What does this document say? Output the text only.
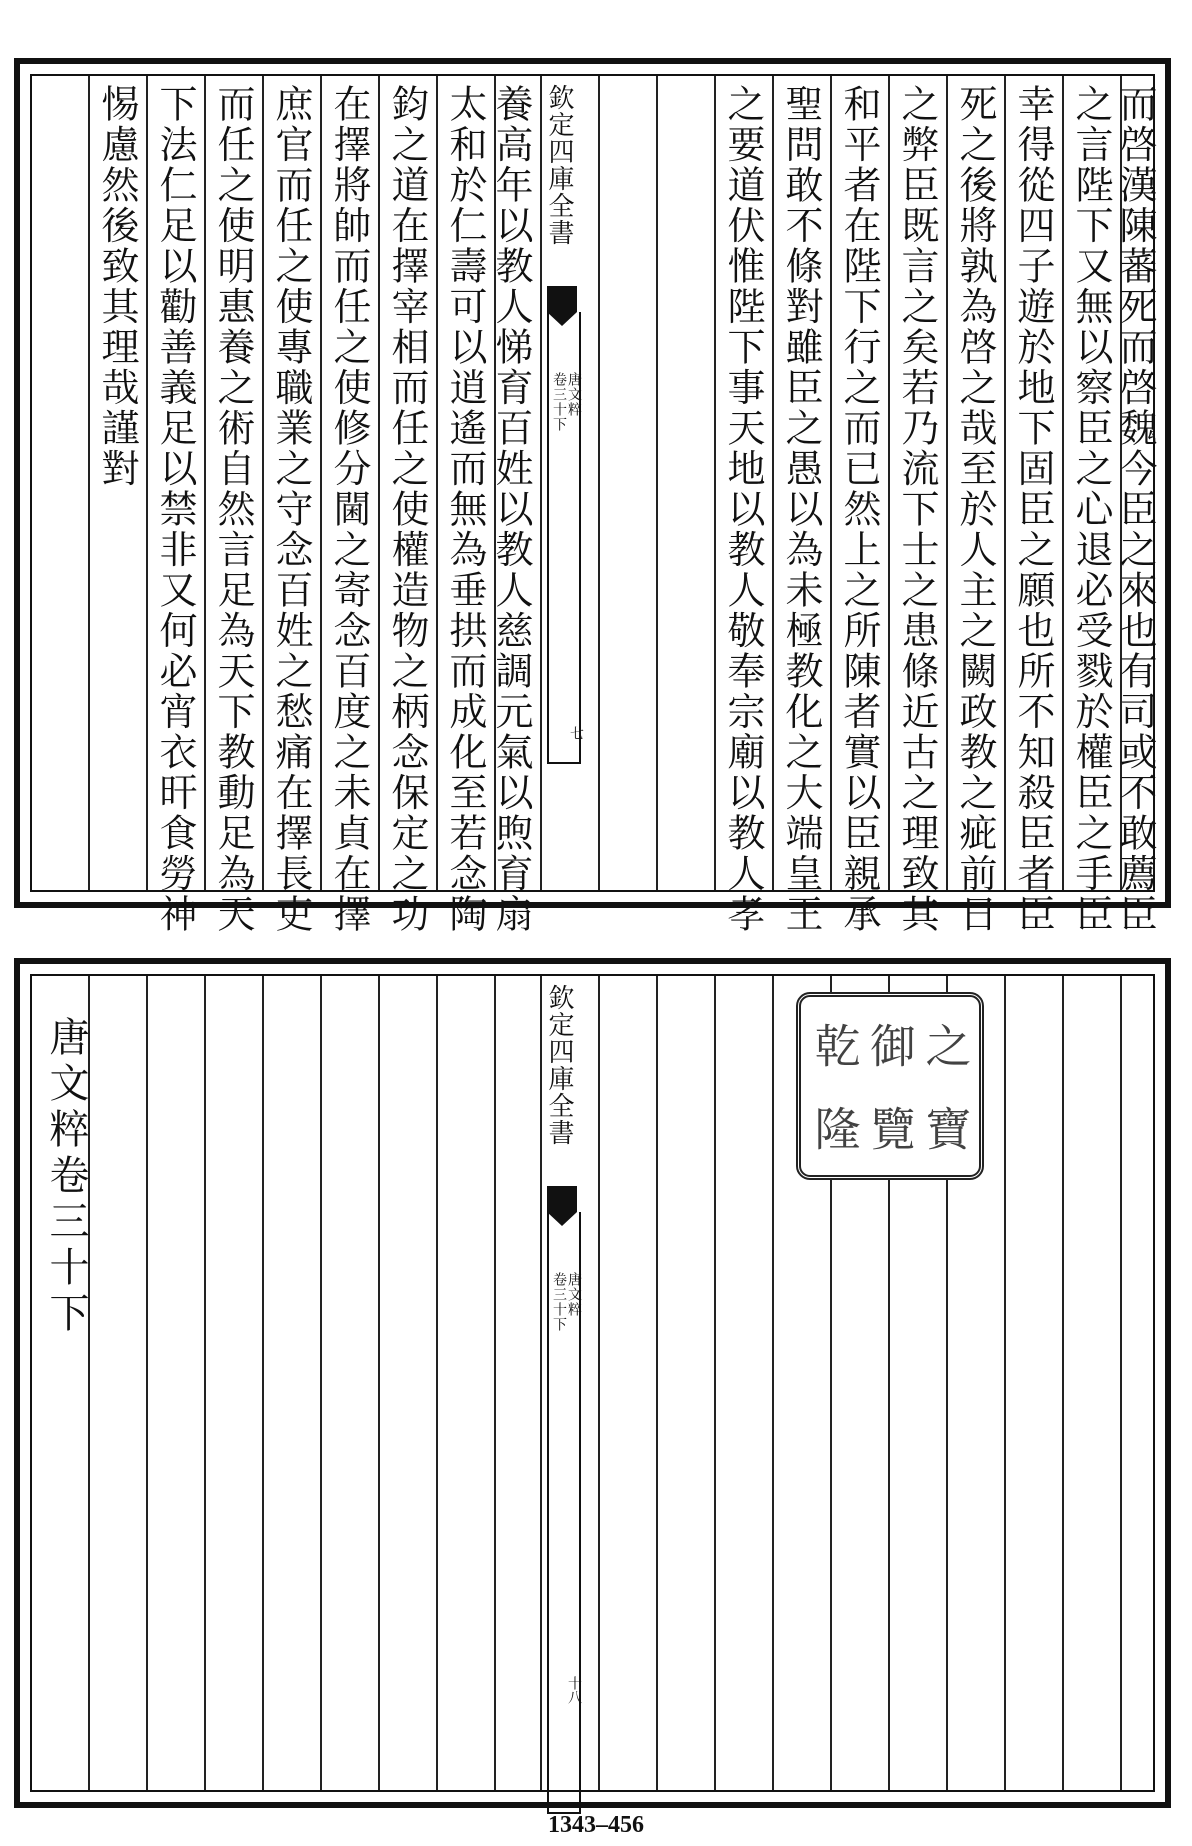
而啓漢陳蕃死而啓魏今臣之來也有司或不敢薦臣
之言陛下又無以察臣之心退必受戮於權臣之手臣
幸得從四子遊於地下固臣之願也所不知殺臣者臣
死之後將孰為啓之哉至於人主之闕政教之疵前日
之弊臣既言之矣若乃流下士之患條近古之理致其
和平者在陛下行之而已然上之所陳者實以臣親承
聖問敢不條對雖臣之愚以為未極教化之大端皇王
之要道伏惟陛下事天地以教人敬奉宗廟以教人孝
欽定四庫全書
唐文粹
卷三十下
七
養高年以教人悌育百姓以教人慈調元氣以煦育扇
太和於仁壽可以逍遙而無為垂拱而成化至若念陶
鈞之道在擇宰相而任之使權造物之柄念保定之功
在擇將帥而任之使修分閫之寄念百度之未貞在擇
庶官而任之使專職業之守念百姓之愁痛在擇長吏
而任之使明惠養之術自然言足為天下教動足為天
下法仁足以勸善義足以禁非又何必宵衣旰食勞神
惕慮然後致其理哉謹對
乾 御 之
隆 覽 寶
欽定四庫全書
唐文粹
卷三十下
十八
唐文粹卷三十下
1343–456
